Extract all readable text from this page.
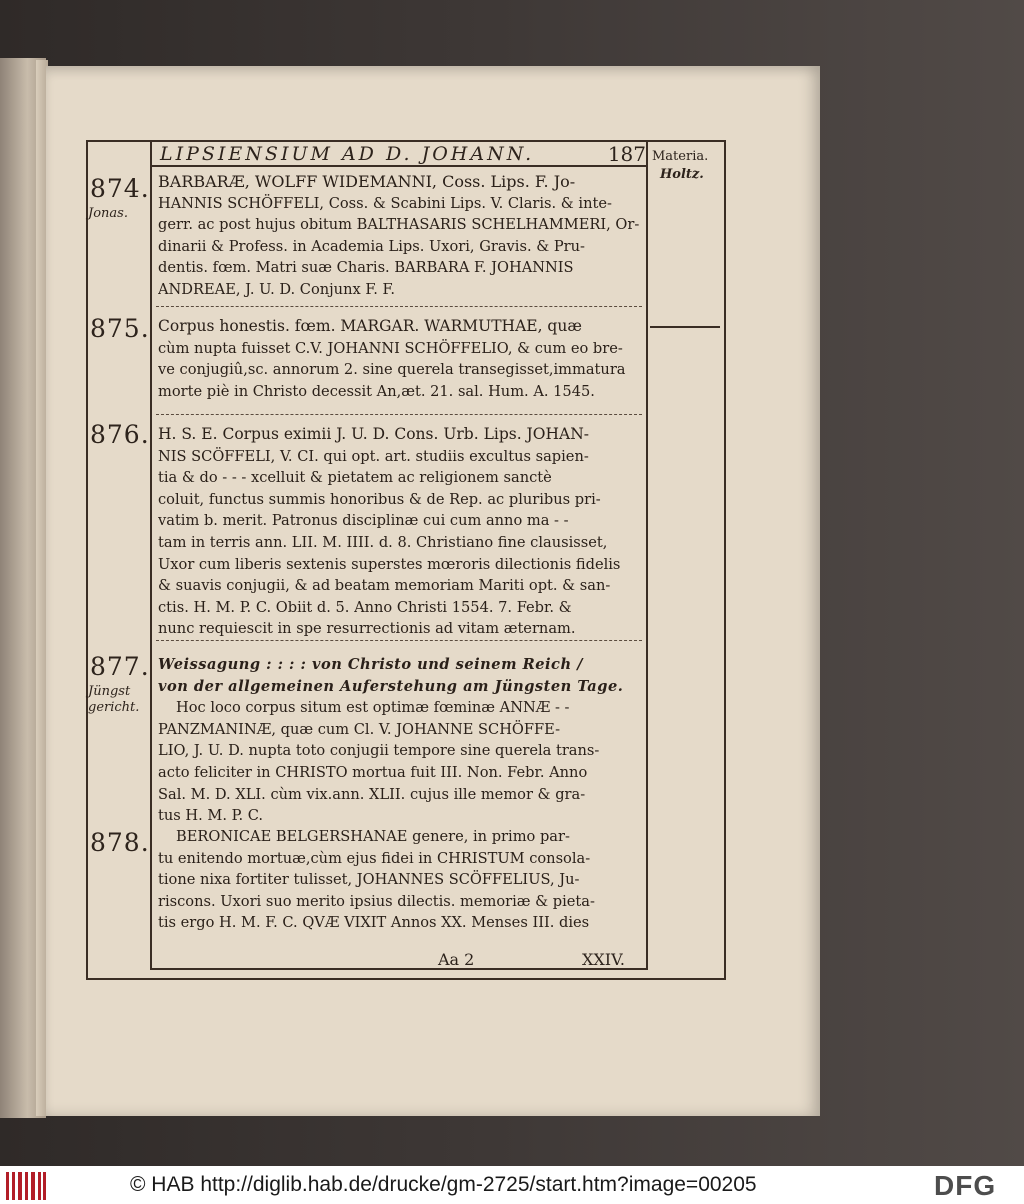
LIPSIENSIUM AD D. JOHANN.	187 Materia.
Holtz.
874.
Jonas.
BARBARÆ, WOLFF WIDEMANNI, Coss. Lips. F. Jo-
HANNIS SCHÖFFELI, Coss. & Scabini Lips. V. Claris. & inte-
gerr. ac post hujus obitum BALTHASARIS SCHELHAMMERI, Or-
dinarii & Profess. in Academia Lips. Uxori, Gravis. & Pru-
dentis. fœm. Matri suæ Charis. BARBARA F. JOHANNIS
ANDREAE, J. U. D. Conjunx F. F.
875. Corpus honestis. fœm. MARGAR. WARMUTHAE, quæ
cùm nupta fuisset C.V. JOHANNI SCHÖFFELIO, & cum eo bre-
ve conjugiû,sc. annorum 2. sine querela transegisset,immatura
morte piè in Christo decessit An,æt. 21. sal. Hum. A. 1545.
876. H. S. E. Corpus eximii J. U. D. Cons. Urb. Lips. JOHAN-
NIS SCÖFFELI, V. CI. qui opt. art. studiis excultus sapien-
tia & do - - - xcelluit & pietatem ac religionem sanctè
coluit, functus summis honoribus & de Rep. ac pluribus pri-
vatim b. merit. Patronus disciplinæ cui cum anno ma - -
tam in terris ann. LII. M. IIII. d. 8. Christiano fine clausisset,
Uxor cum liberis sextenis superstes mœroris dilectionis fidelis
& suavis conjugii, & ad beatam memoriam Mariti opt. & san-
ctis. H. M. P. C. Obiit d. 5. Anno Christi 1554. 7. Febr. &
nunc requiescit in spe resurrectionis ad vitam æternam.
877.
Jüngst gericht.
Weissagung : : : : von Christo und seinem Reich /
von der allgemeinen Auferstehung am Jüngsten Tage.
Hoc loco corpus situm est optimæ fœminæ ANNÆ - -
PANZMANINÆ, quæ cum Cl. V. JOHANNE SCHÖFFE-
LIO, J. U. D. nupta toto conjugii tempore sine querela trans-
acto feliciter in CHRISTO mortua fuit III. Non. Febr. Anno
Sal. M. D. XLI. cùm vix.ann. XLII. cujus ille memor & gra-
tus H. M. P. C.
878.	BERONICAE BELGERSHANAE genere, in primo par-
tu enitendo mortuæ,cùm ejus fidei in CHRISTUM consola-
tione nixa fortiter tulisset, JOHANNES SCÖFFELIUS, Ju-
riscons. Uxori suo merito ipsius dilectis. memoriæ & pieta-
tis ergo H. M. F. C. QVÆ VIXIT Annos XX. Menses III. dies
Aa 2	XXIV.
© HAB http://diglib.hab.de/drucke/gm-2725/start.htm?image=00205	DFG
